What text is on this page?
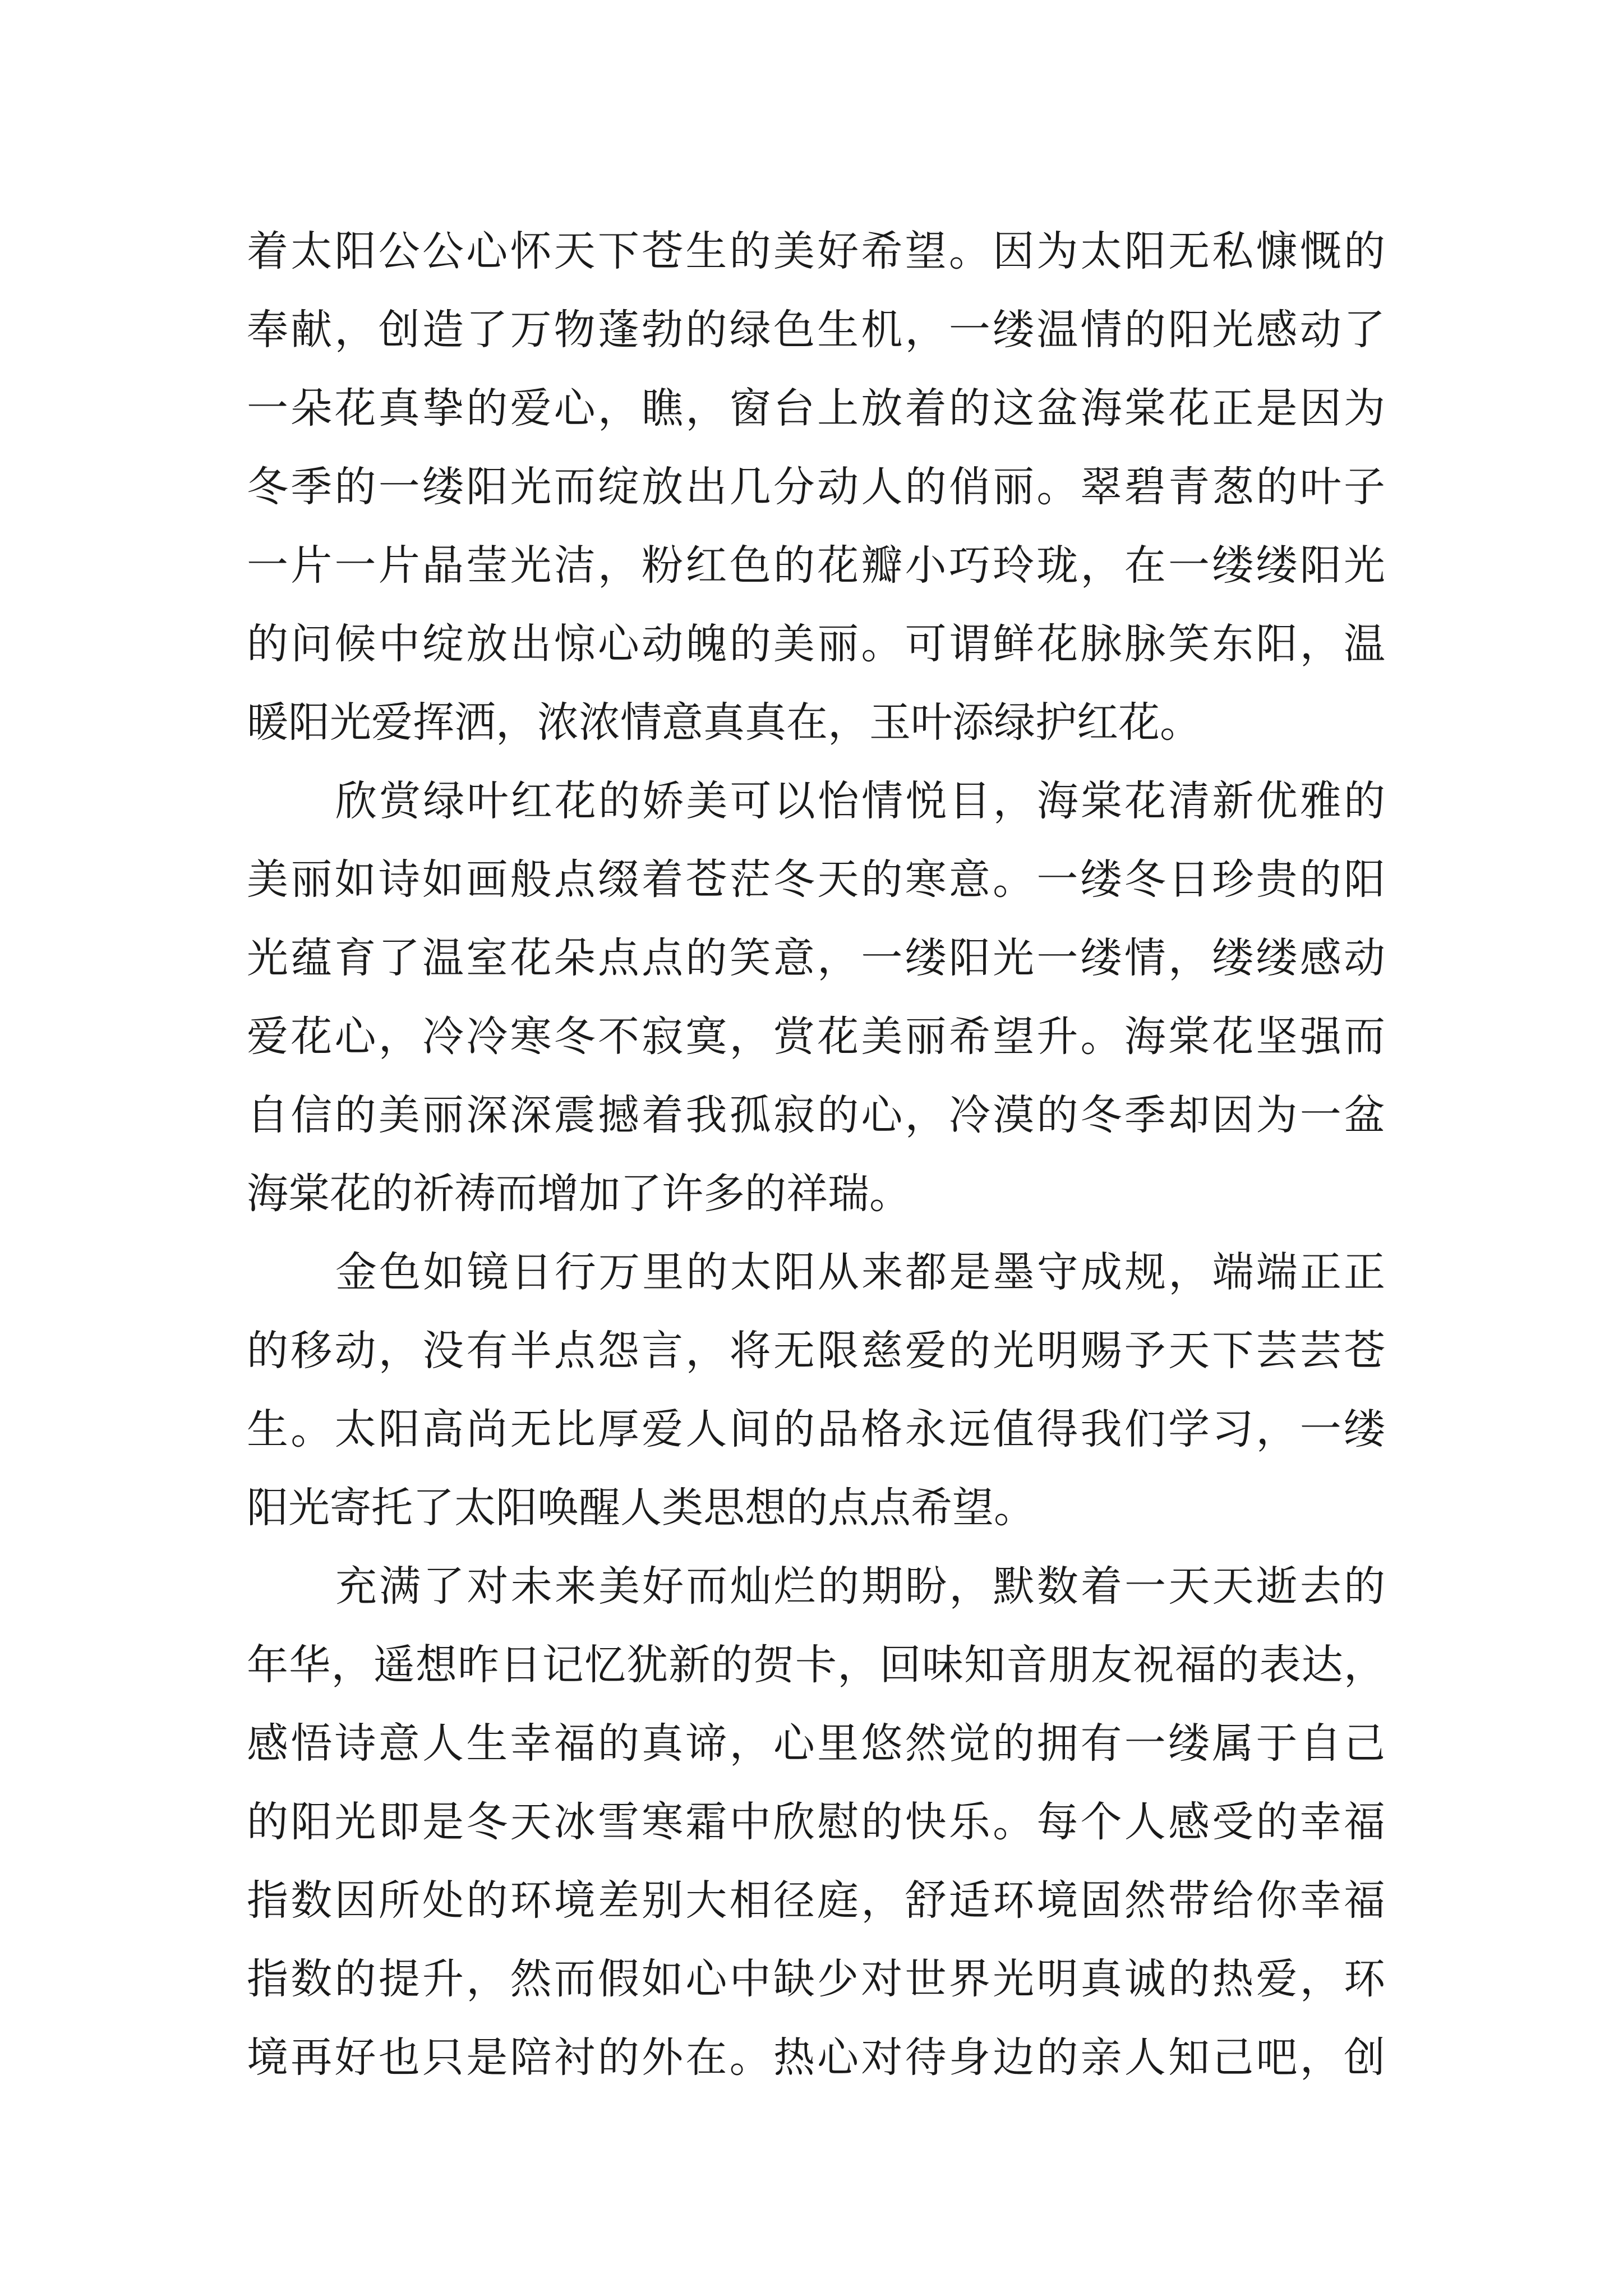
着太阳公公心怀天下苍生的美好希望。因为太阳无私慷慨的
奉献，创造了万物蓬勃的绿色生机，一缕温情的阳光感动了
一朵花真挚的爱心，瞧，窗台上放着的这盆海棠花正是因为
冬季的一缕阳光而绽放出几分动人的俏丽。翠碧青葱的叶子
一片一片晶莹光洁，粉红色的花瓣小巧玲珑，在一缕缕阳光
的问候中绽放出惊心动魄的美丽。可谓鲜花脉脉笑东阳，温
暖阳光爱挥洒，浓浓情意真真在，玉叶添绿护红花。
欣赏绿叶红花的娇美可以怡情悦目，海棠花清新优雅的
美丽如诗如画般点缀着苍茫冬天的寒意。一缕冬日珍贵的阳
光蕴育了温室花朵点点的笑意，一缕阳光一缕情，缕缕感动
爱花心，冷冷寒冬不寂寞，赏花美丽希望升。海棠花坚强而
自信的美丽深深震撼着我孤寂的心，冷漠的冬季却因为一盆
海棠花的祈祷而增加了许多的祥瑞。
金色如镜日行万里的太阳从来都是墨守成规，端端正正
的移动，没有半点怨言，将无限慈爱的光明赐予天下芸芸苍
生。太阳高尚无比厚爱人间的品格永远值得我们学习，一缕
阳光寄托了太阳唤醒人类思想的点点希望。
充满了对未来美好而灿烂的期盼，默数着一天天逝去的
年华，遥想昨日记忆犹新的贺卡，回味知音朋友祝福的表达，
感悟诗意人生幸福的真谛，心里悠然觉的拥有一缕属于自己
的阳光即是冬天冰雪寒霜中欣慰的快乐。每个人感受的幸福
指数因所处的环境差别大相径庭，舒适环境固然带给你幸福
指数的提升，然而假如心中缺少对世界光明真诚的热爱，环
境再好也只是陪衬的外在。热心对待身边的亲人知己吧，创
